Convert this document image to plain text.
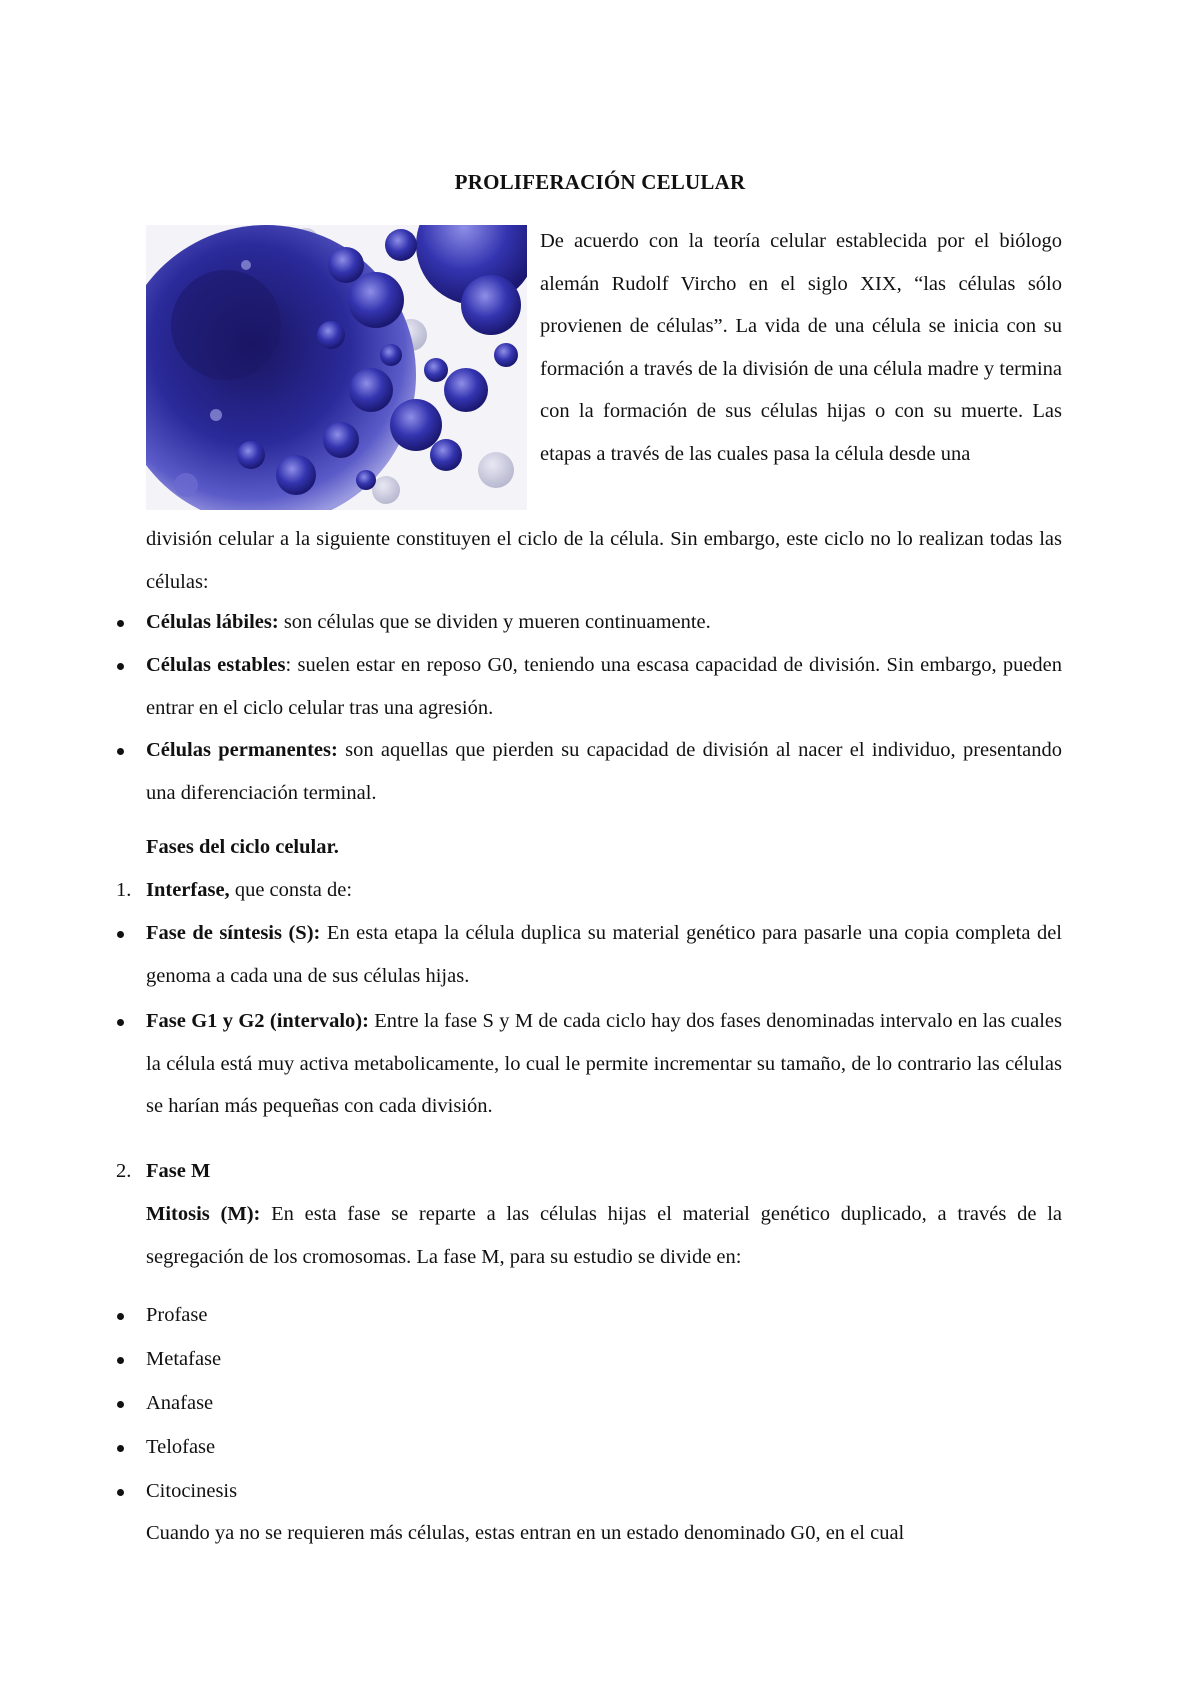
PROLIFERACIÓN CELULAR

De acuerdo con la teoría celular establecida por el biólogo alemán Rudolf Vircho en el siglo XIX, “las células sólo provienen de células”. La vida de una célula se inicia con su formación a través de la división de una célula madre y termina con la formación de sus células hijas o con su muerte. Las etapas a través de las cuales pasa la célula desde una

división celular a la siguiente constituyen el ciclo de la célula. Sin embargo, este ciclo no lo realizan todas las células:

Células lábiles: son células que se dividen y mueren continuamente.
Células estables: suelen estar en reposo G0, teniendo una escasa capacidad de división. Sin embargo, pueden entrar en el ciclo celular tras una agresión.
Células permanentes: son aquellas que pierden su capacidad de división al nacer el individuo, presentando una diferenciación terminal.
Fases del ciclo celular.
1. Interfase, que consta de:
Fase de síntesis (S): En esta etapa la célula duplica su material genético para pasarle una copia completa del genoma a cada una de sus células hijas.
Fase G1 y G2 (intervalo): Entre la fase S y M de cada ciclo hay dos fases denominadas intervalo en las cuales la célula está muy activa metabolicamente, lo cual le permite incrementar su tamaño, de lo contrario las células se harían más pequeñas con cada división.
2. Fase M
Mitosis (M): En esta fase se reparte a las células hijas el material genético duplicado, a través de la segregación de los cromosomas. La fase M, para su estudio se divide en:
Profase
Metafase
Anafase
Telofase
Citocinesis
Cuando ya no se requieren más células, estas entran en un estado denominado G0, en el cual
